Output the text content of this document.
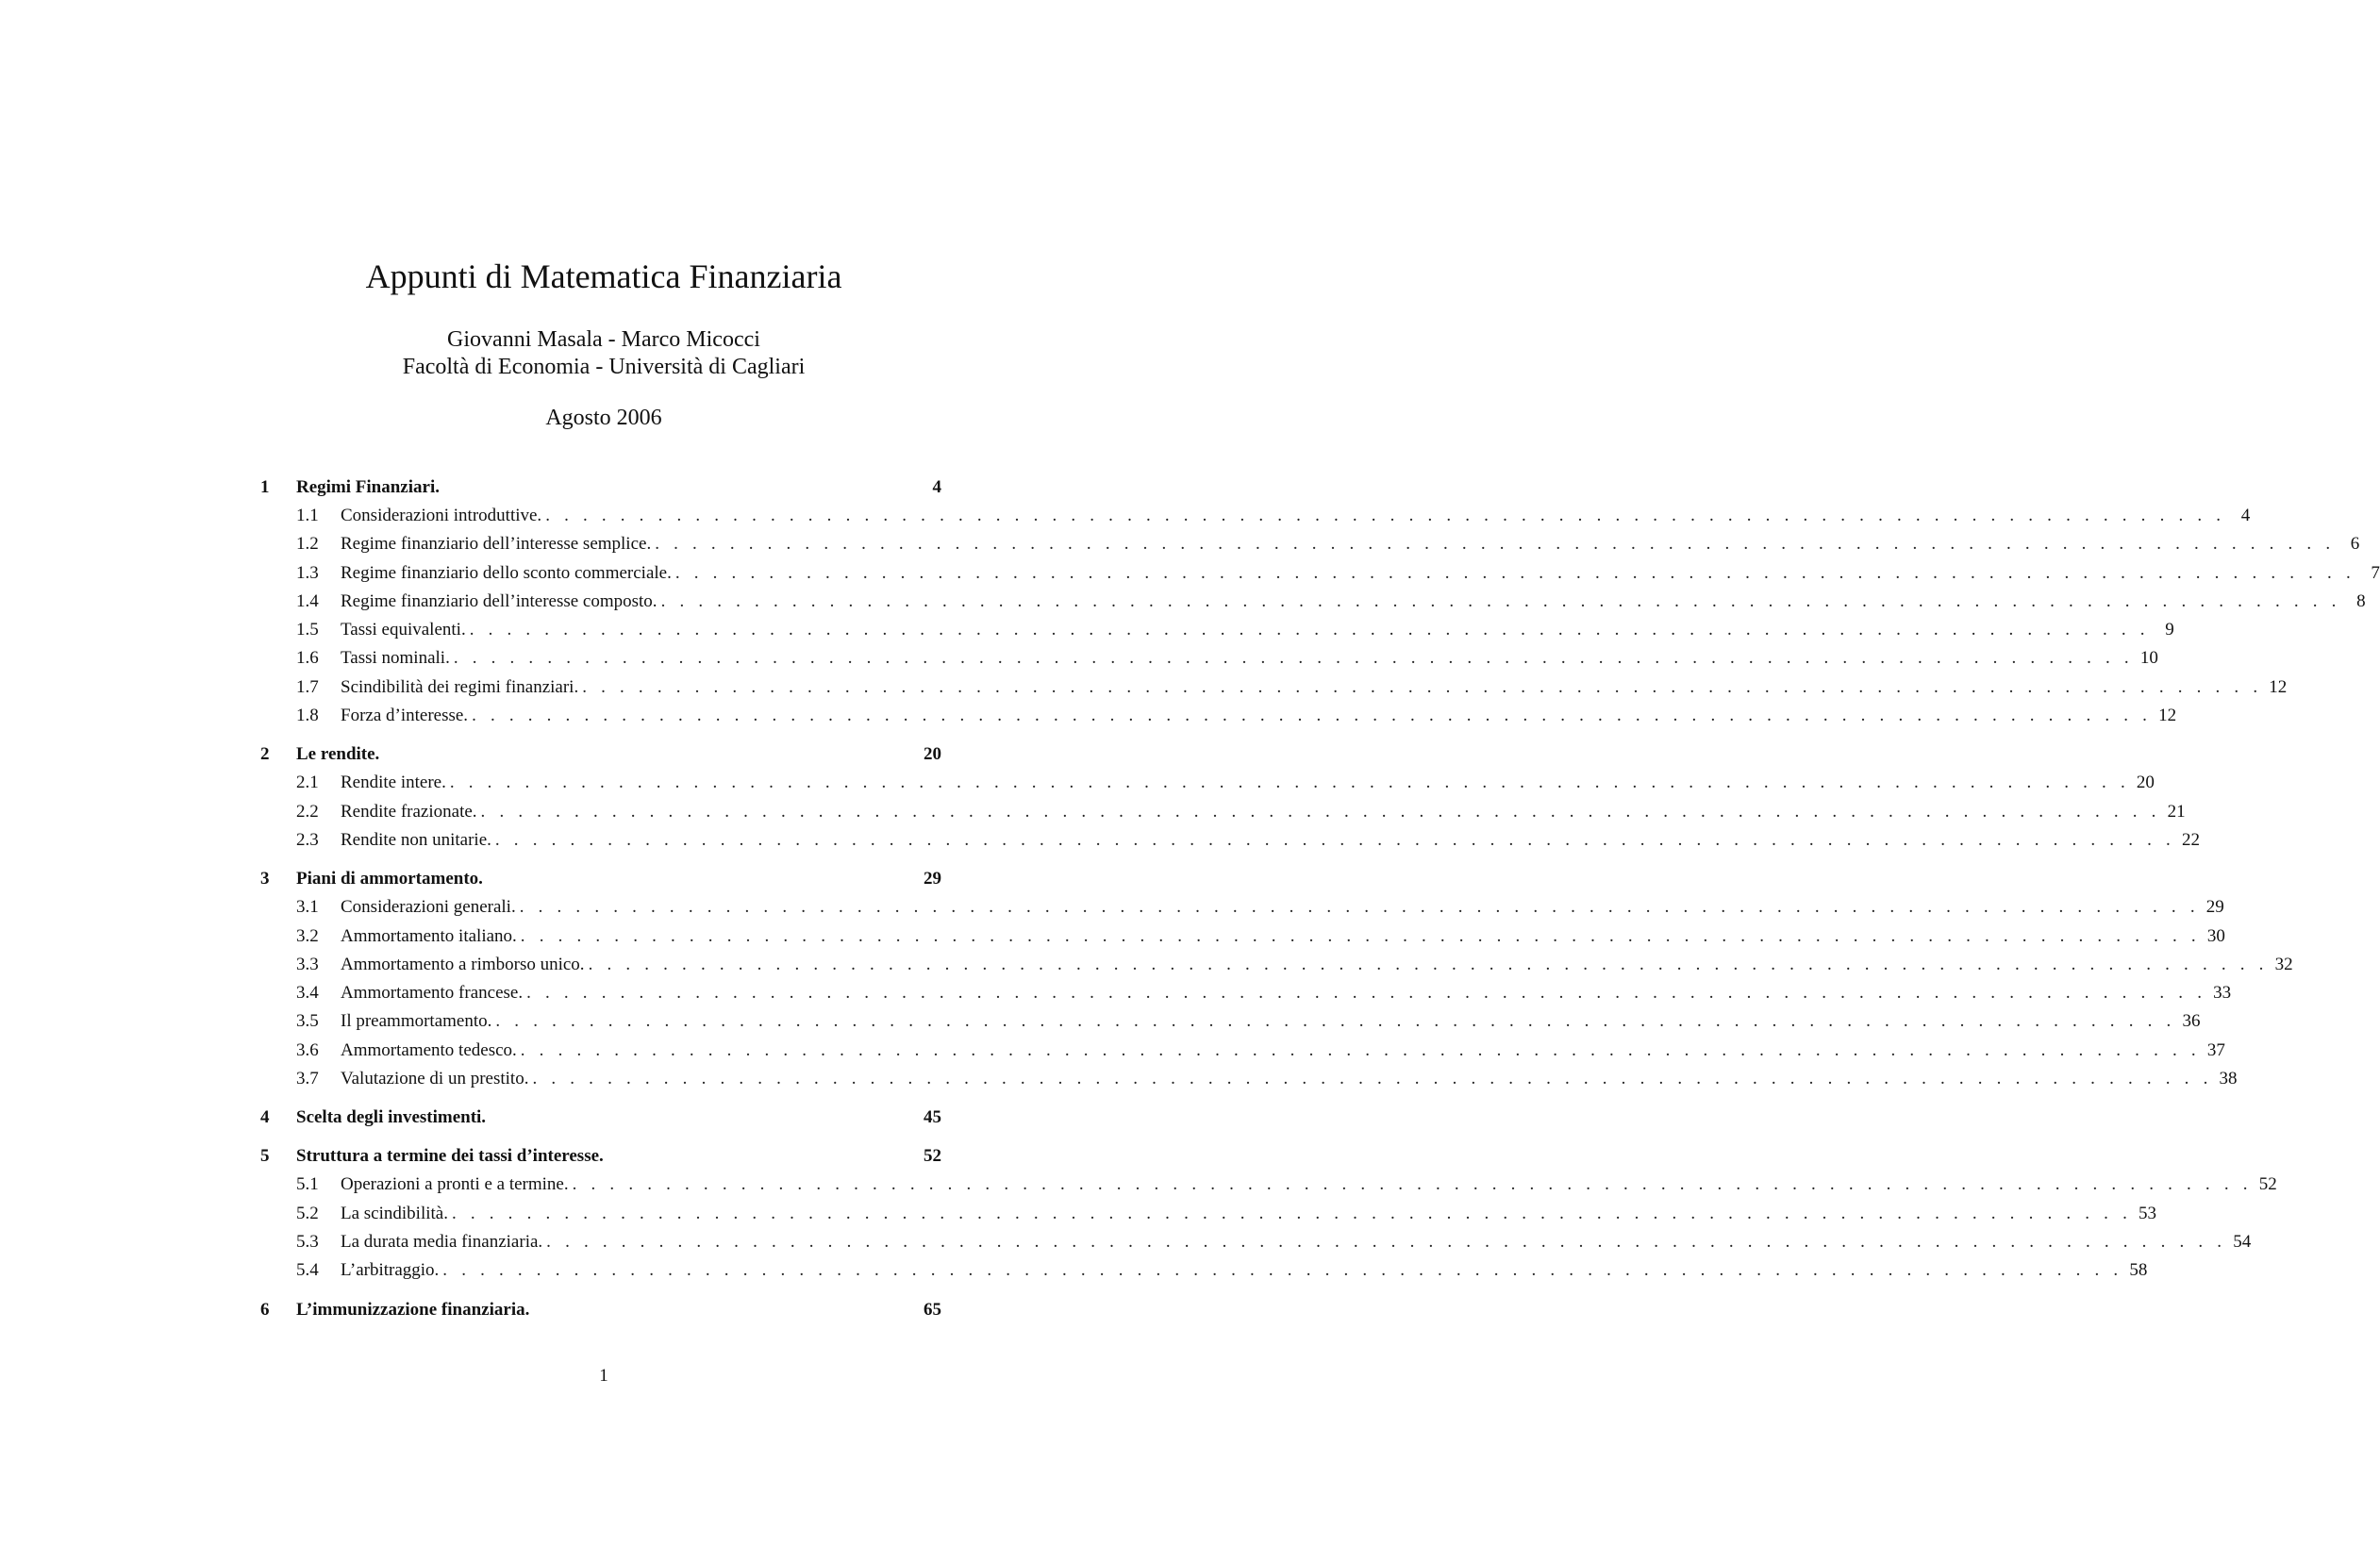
Appunti di Matematica Finanziaria
Giovanni Masala - Marco Micocci
Facoltà di Economia - Università di Cagliari
Agosto 2006
1	Regimi Finanziari.	4
1.1	Considerazioni introduttive. . . . . . . . . . . . . . . . . . . . . . . . . . . . . . . . . . . . . . . . . . . . . . . . . . . . . . . . . . . . . . . . . . . . . . . . . . . . . . . . . . . . . . . . . . . 4
1.2	Regime finanziario dell’interesse semplice. . . . . . . . . . . . . . . . . . . . . . . . . . . . . . . . . . . . . . . . . . . . . . . . . . . . . . . . . . . . . . . . . . . . . . . . . . . . . . . . . . . . . . . . . . . 6
1.3	Regime finanziario dello sconto commerciale. . . . . . . . . . . . . . . . . . . . . . . . . . . . . . . . . . . . . . . . . . . . . . . . . . . . . . . . . . . . . . . . . . . . . . . . . . . . . . . . . . . . . . . . . . . 7
1.4	Regime finanziario dell’interesse composto. . . . . . . . . . . . . . . . . . . . . . . . . . . . . . . . . . . . . . . . . . . . . . . . . . . . . . . . . . . . . . . . . . . . . . . . . . . . . . . . . . . . . . . . . . . 8
1.5	Tassi equivalenti. . . . . . . . . . . . . . . . . . . . . . . . . . . . . . . . . . . . . . . . . . . . . . . . . . . . . . . . . . . . . . . . . . . . . . . . . . . . . . . . . . . . . . . . . . . 9
1.6	Tassi nominali. . . . . . . . . . . . . . . . . . . . . . . . . . . . . . . . . . . . . . . . . . . . . . . . . . . . . . . . . . . . . . . . . . . . . . . . . . . . . . . . . . . . . . . . . . . 10
1.7	Scindibilità dei regimi finanziari. . . . . . . . . . . . . . . . . . . . . . . . . . . . . . . . . . . . . . . . . . . . . . . . . . . . . . . . . . . . . . . . . . . . . . . . . . . . . . . . . . . . . . . . . . . 12
1.8	Forza d’interesse. . . . . . . . . . . . . . . . . . . . . . . . . . . . . . . . . . . . . . . . . . . . . . . . . . . . . . . . . . . . . . . . . . . . . . . . . . . . . . . . . . . . . . . . . . . 12
2	Le rendite.	20
2.1	Rendite intere. . . . . . . . . . . . . . . . . . . . . . . . . . . . . . . . . . . . . . . . . . . . . . . . . . . . . . . . . . . . . . . . . . . . . . . . . . . . . . . . . . . . . . . . . . . 20
2.2	Rendite frazionate. . . . . . . . . . . . . . . . . . . . . . . . . . . . . . . . . . . . . . . . . . . . . . . . . . . . . . . . . . . . . . . . . . . . . . . . . . . . . . . . . . . . . . . . . . . 21
2.3	Rendite non unitarie. . . . . . . . . . . . . . . . . . . . . . . . . . . . . . . . . . . . . . . . . . . . . . . . . . . . . . . . . . . . . . . . . . . . . . . . . . . . . . . . . . . . . . . . . . . 22
3	Piani di ammortamento.	29
3.1	Considerazioni generali. . . . . . . . . . . . . . . . . . . . . . . . . . . . . . . . . . . . . . . . . . . . . . . . . . . . . . . . . . . . . . . . . . . . . . . . . . . . . . . . . . . . . . . . . . . 29
3.2	Ammortamento italiano. . . . . . . . . . . . . . . . . . . . . . . . . . . . . . . . . . . . . . . . . . . . . . . . . . . . . . . . . . . . . . . . . . . . . . . . . . . . . . . . . . . . . . . . . . . 30
3.3	Ammortamento a rimborso unico. . . . . . . . . . . . . . . . . . . . . . . . . . . . . . . . . . . . . . . . . . . . . . . . . . . . . . . . . . . . . . . . . . . . . . . . . . . . . . . . . . . . . . . . . . . 32
3.4	Ammortamento francese. . . . . . . . . . . . . . . . . . . . . . . . . . . . . . . . . . . . . . . . . . . . . . . . . . . . . . . . . . . . . . . . . . . . . . . . . . . . . . . . . . . . . . . . . . . 33
3.5	Il preammortamento. . . . . . . . . . . . . . . . . . . . . . . . . . . . . . . . . . . . . . . . . . . . . . . . . . . . . . . . . . . . . . . . . . . . . . . . . . . . . . . . . . . . . . . . . . . 36
3.6	Ammortamento tedesco. . . . . . . . . . . . . . . . . . . . . . . . . . . . . . . . . . . . . . . . . . . . . . . . . . . . . . . . . . . . . . . . . . . . . . . . . . . . . . . . . . . . . . . . . . . 37
3.7	Valutazione di un prestito. . . . . . . . . . . . . . . . . . . . . . . . . . . . . . . . . . . . . . . . . . . . . . . . . . . . . . . . . . . . . . . . . . . . . . . . . . . . . . . . . . . . . . . . . . . 38
4	Scelta degli investimenti.	45
5	Struttura a termine dei tassi d’interesse.	52
5.1	Operazioni a pronti e a termine. . . . . . . . . . . . . . . . . . . . . . . . . . . . . . . . . . . . . . . . . . . . . . . . . . . . . . . . . . . . . . . . . . . . . . . . . . . . . . . . . . . . . . . . . . . 52
5.2	La scindibilità. . . . . . . . . . . . . . . . . . . . . . . . . . . . . . . . . . . . . . . . . . . . . . . . . . . . . . . . . . . . . . . . . . . . . . . . . . . . . . . . . . . . . . . . . . . 53
5.3	La durata media finanziaria. . . . . . . . . . . . . . . . . . . . . . . . . . . . . . . . . . . . . . . . . . . . . . . . . . . . . . . . . . . . . . . . . . . . . . . . . . . . . . . . . . . . . . . . . . . 54
5.4	L’arbitraggio. . . . . . . . . . . . . . . . . . . . . . . . . . . . . . . . . . . . . . . . . . . . . . . . . . . . . . . . . . . . . . . . . . . . . . . . . . . . . . . . . . . . . . . . . . . 58
6	L’immunizzazione finanziaria.	65
1
